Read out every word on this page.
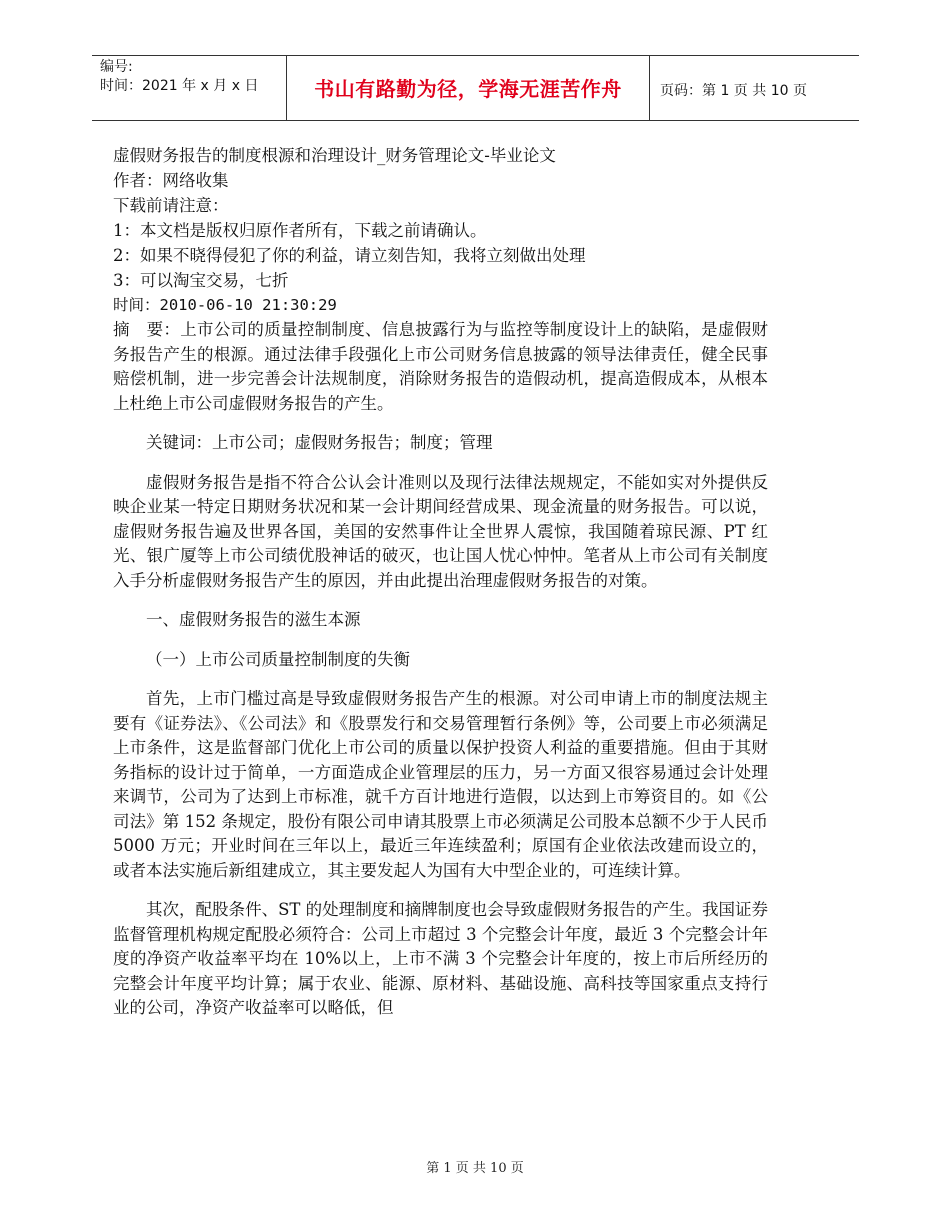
编号:
时间：2021 年 x 月 x 日	书山有路勤为径，学海无涯苦作舟	页码：第 1 页 共 10 页
虚假财务报告的制度根源和治理设计_财务管理论文-毕业论文
作者：网络收集
下载前请注意：
1：本文档是版权归原作者所有，下载之前请确认。
2：如果不晓得侵犯了你的利益，请立刻告知，我将立刻做出处理
3：可以淘宝交易，七折
时间：2010-06-10 21:30:29

摘　要：上市公司的质量控制制度、信息披露行为与监控等制度设计上的缺陷，是虚假财务报告产生的根源。通过法律手段强化上市公司财务信息披露的领导法律责任，健全民事赔偿机制，进一步完善会计法规制度，消除财务报告的造假动机，提高造假成本，从根本上杜绝上市公司虚假财务报告的产生。

关键词：上市公司；虚假财务报告；制度；管理

虚假财务报告是指不符合公认会计准则以及现行法律法规规定，不能如实对外提供反映企业某一特定日期财务状况和某一会计期间经营成果、现金流量的财务报告。可以说，虚假财务报告遍及世界各国，美国的安然事件让全世界人震惊，我国随着琼民源、PT 红光、银广厦等上市公司绩优股神话的破灭，也让国人忧心忡忡。笔者从上市公司有关制度入手分析虚假财务报告产生的原因，并由此提出治理虚假财务报告的对策。

一、虚假财务报告的滋生本源

（一）上市公司质量控制制度的失衡

首先，上市门槛过高是导致虚假财务报告产生的根源。对公司申请上市的制度法规主要有《证券法》、《公司法》和《股票发行和交易管理暂行条例》等，公司要上市必须满足上市条件，这是监督部门优化上市公司的质量以保护投资人利益的重要措施。但由于其财务指标的设计过于简单，一方面造成企业管理层的压力，另一方面又很容易通过会计处理来调节，公司为了达到上市标准，就千方百计地进行造假，以达到上市筹资目的。如《公司法》第 152 条规定，股份有限公司申请其股票上市必须满足公司股本总额不少于人民币 5000 万元；开业时间在三年以上，最近三年连续盈利；原国有企业依法改建而设立的，或者本法实施后新组建成立，其主要发起人为国有大中型企业的，可连续计算。

其次，配股条件、ST 的处理制度和摘牌制度也会导致虚假财务报告的产生。我国证券监督管理机构规定配股必须符合：公司上市超过 3 个完整会计年度，最近 3 个完整会计年度的净资产收益率平均在 10%以上，上市不满 3 个完整会计年度的，按上市后所经历的完整会计年度平均计算；属于农业、能源、原材料、基础设施、高科技等国家重点支持行业的公司，净资产收益率可以略低，但

第 1 页 共 10 页
